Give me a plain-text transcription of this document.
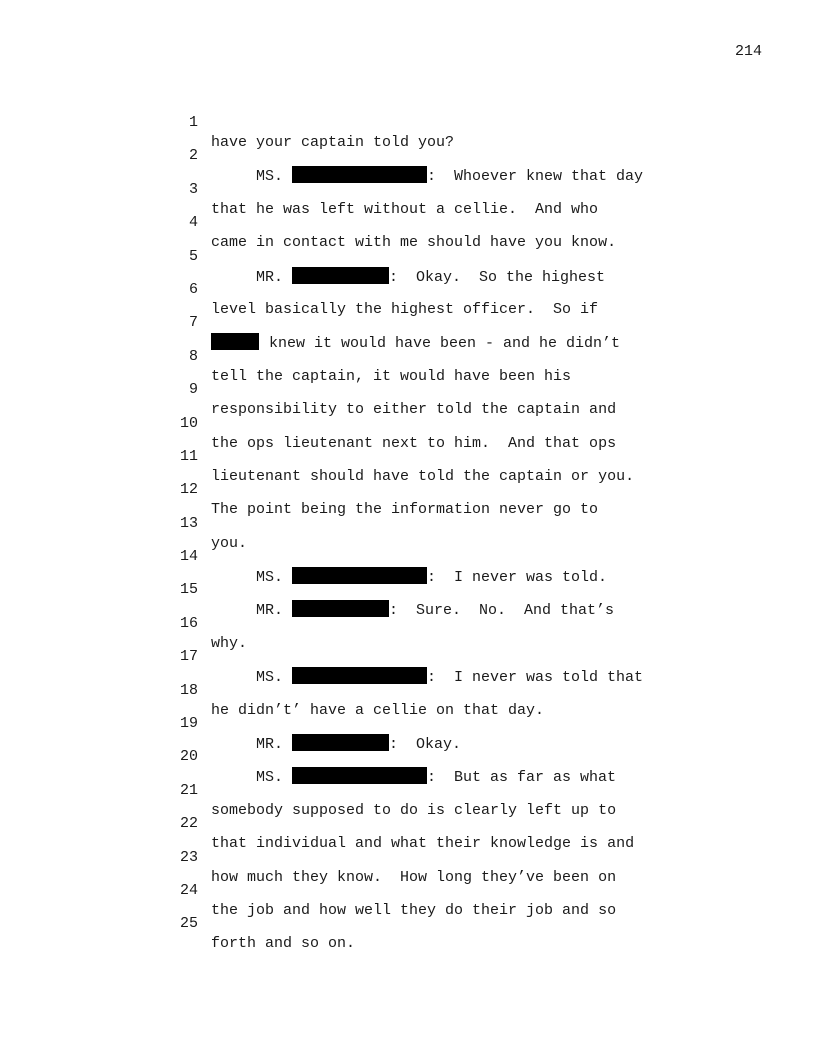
214

1

have your captain told you?

2

MS.	:  Whoever knew that day

3

that he was left without a cellie.  And who

4

came in contact with me should have you know.

5

MR.	:  Okay.  So the highest

6

level basically the highest officer.  So if

7

knew it would have been - and he didn’t

8

tell the captain, it would have been his

9

responsibility to either told the captain and

10

the ops lieutenant next to him.  And that ops

11

lieutenant should have told the captain or you.

12

The point being the information never go to

13

you.

14

MS.	:  I never was told.

15

MR.	:  Sure.  No.  And that’s

16

why.

17

MS.	:  I never was told that

18

he didn’t’ have a cellie on that day.

19

MR.	:  Okay.

20

MS.	:  But as far as what

21

somebody supposed to do is clearly left up to

22

that individual and what their knowledge is and

23

how much they know.  How long they’ve been on

24

the job and how well they do their job and so

25

forth and so on.
